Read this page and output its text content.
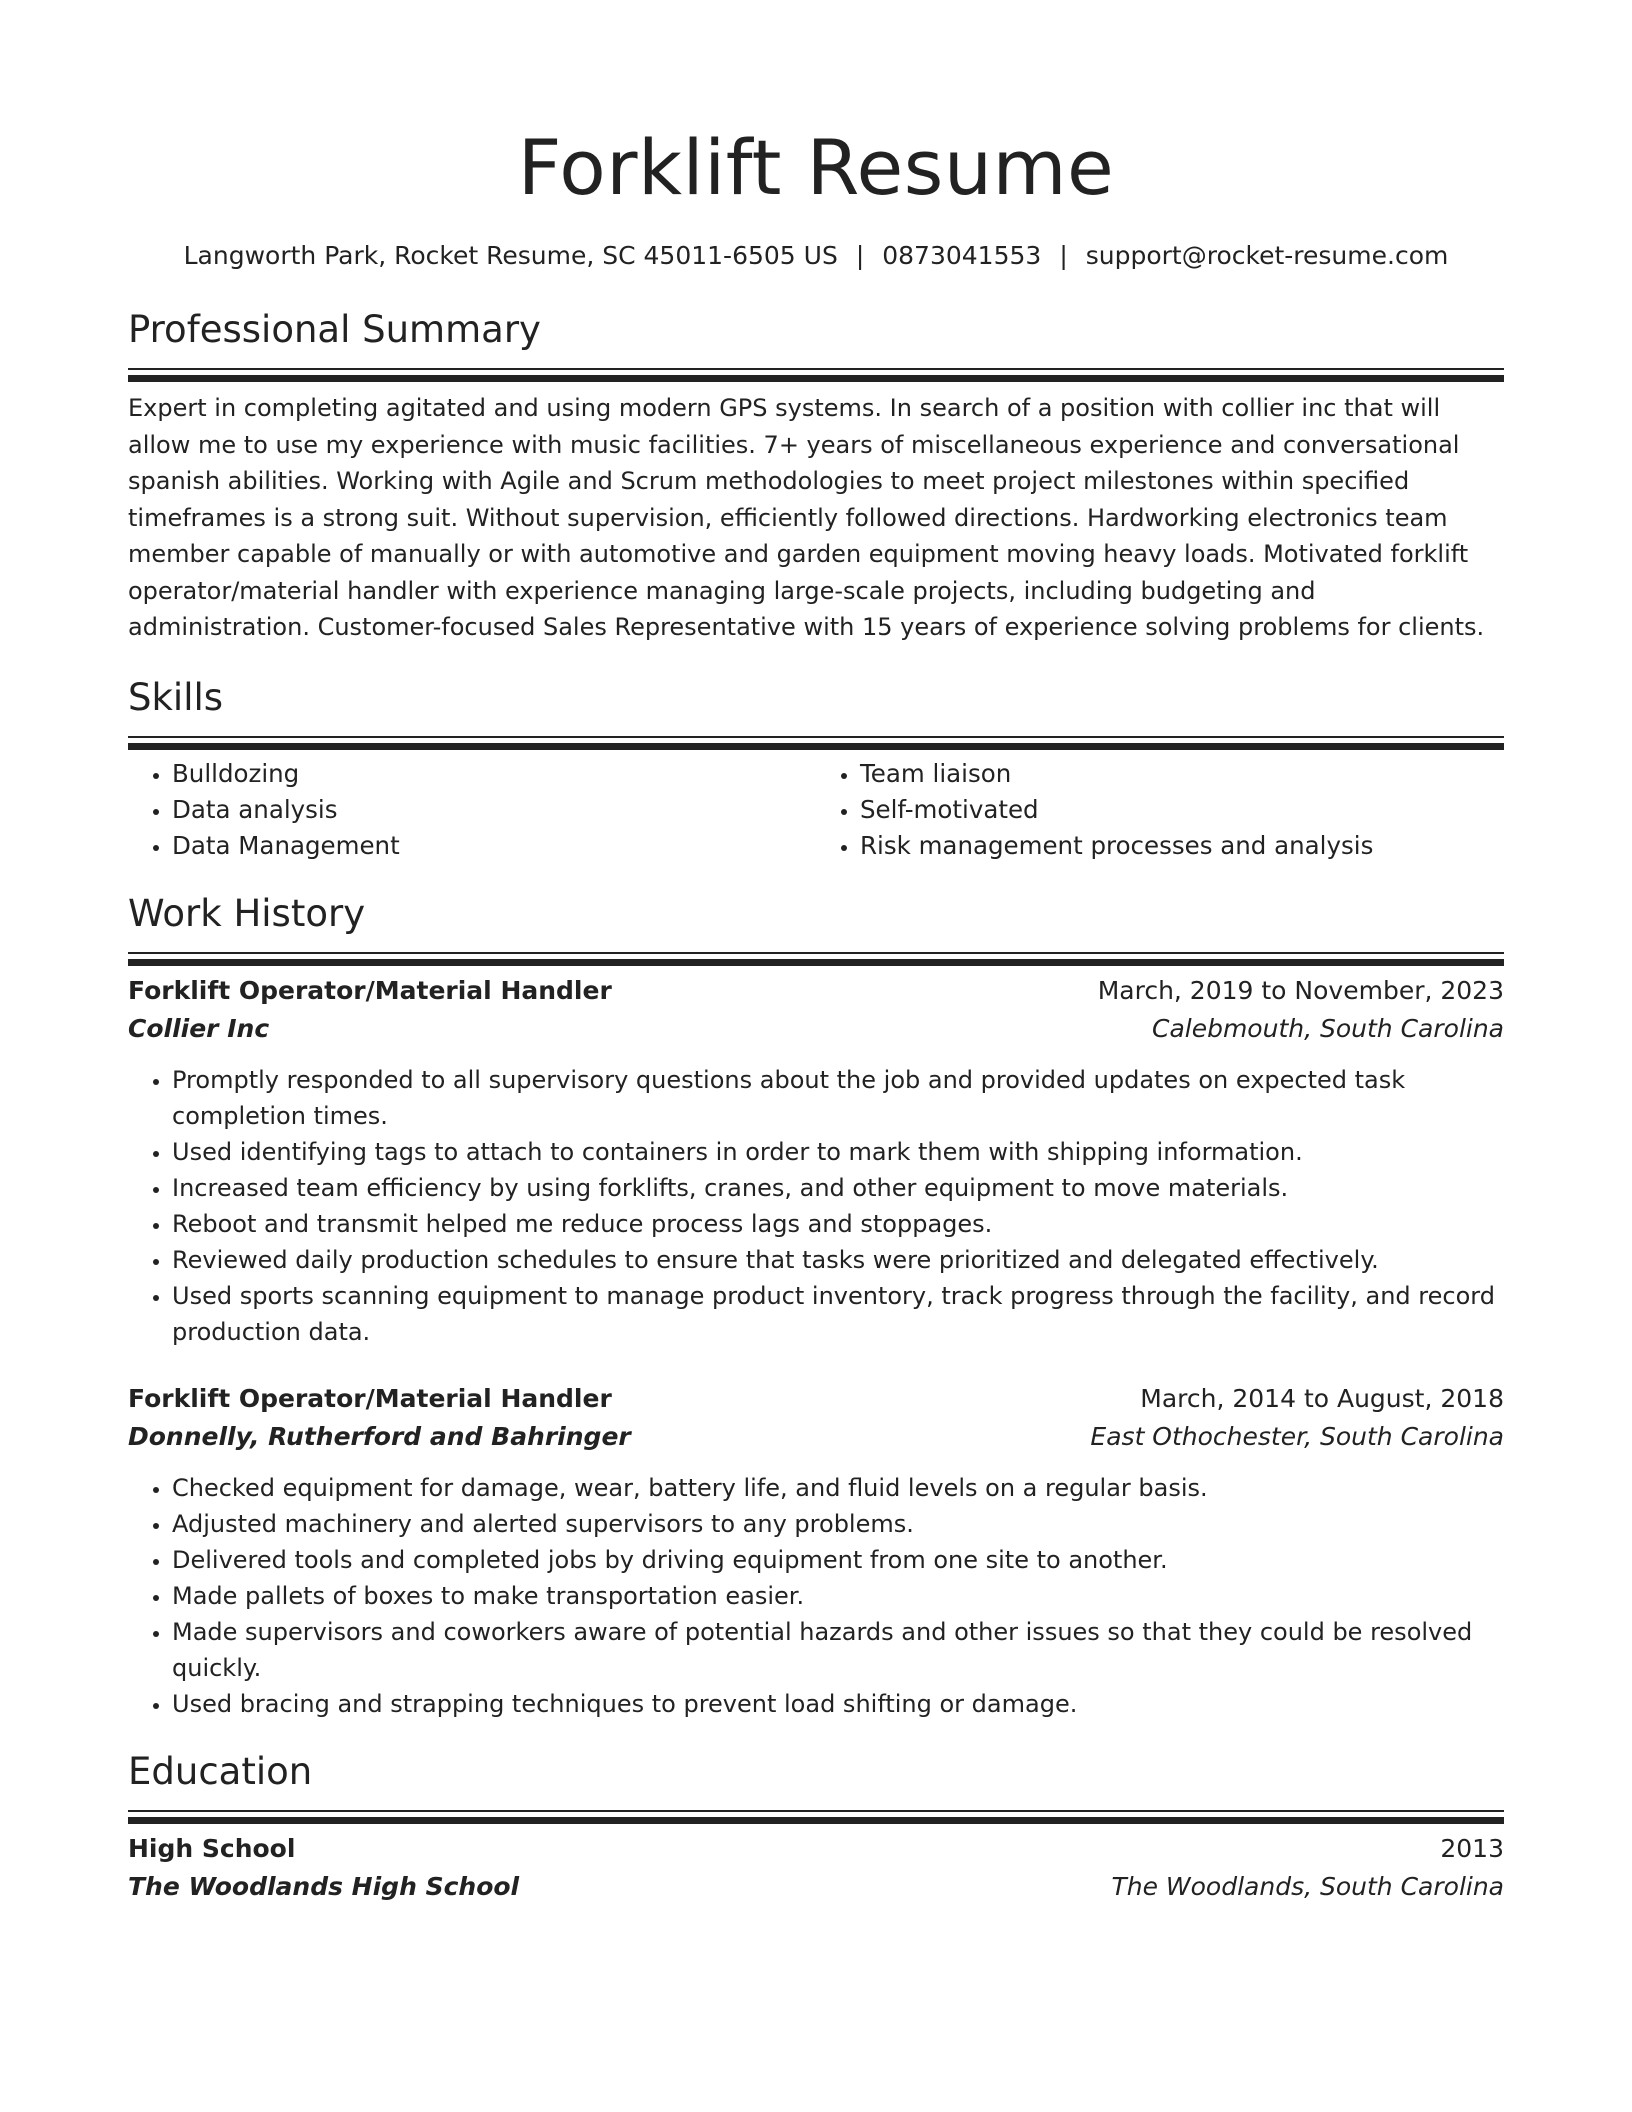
Forklift Resume
Langworth Park, Rocket Resume, SC 45011-6505 US | 0873041553 | support@rocket-resume.com
Professional Summary

Expert in completing agitated and using modern GPS systems. In search of a position with collier inc that will allow me to use my experience with music facilities. 7+ years of miscellaneous experience and conversational spanish abilities. Working with Agile and Scrum methodologies to meet project milestones within specified timeframes is a strong suit. Without supervision, efficiently followed directions. Hardworking electronics team member capable of manually or with automotive and garden equipment moving heavy loads. Motivated forklift operator/material handler with experience managing large-scale projects, including budgeting and administration. Customer-focused Sales Representative with 15 years of experience solving problems for clients.

Skills
• Bulldozing
• Data analysis
• Data Management
• Team liaison
• Self-motivated
• Risk management processes and analysis
Work History
Forklift Operator/Material Handler	March, 2019 to November, 2023
Collier Inc	Calebmouth, South Carolina
• Promptly responded to all supervisory questions about the job and provided updates on expected task completion times.
• Used identifying tags to attach to containers in order to mark them with shipping information.
• Increased team efficiency by using forklifts, cranes, and other equipment to move materials.
• Reboot and transmit helped me reduce process lags and stoppages.
• Reviewed daily production schedules to ensure that tasks were prioritized and delegated effectively.
• Used sports scanning equipment to manage product inventory, track progress through the facility, and record production data.
Forklift Operator/Material Handler	March, 2014 to August, 2018
Donnelly, Rutherford and Bahringer	East Othochester, South Carolina
• Checked equipment for damage, wear, battery life, and fluid levels on a regular basis.
• Adjusted machinery and alerted supervisors to any problems.
• Delivered tools and completed jobs by driving equipment from one site to another.
• Made pallets of boxes to make transportation easier.
• Made supervisors and coworkers aware of potential hazards and other issues so that they could be resolved quickly.
• Used bracing and strapping techniques to prevent load shifting or damage.
Education
High School	2013
The Woodlands High School	The Woodlands, South Carolina
